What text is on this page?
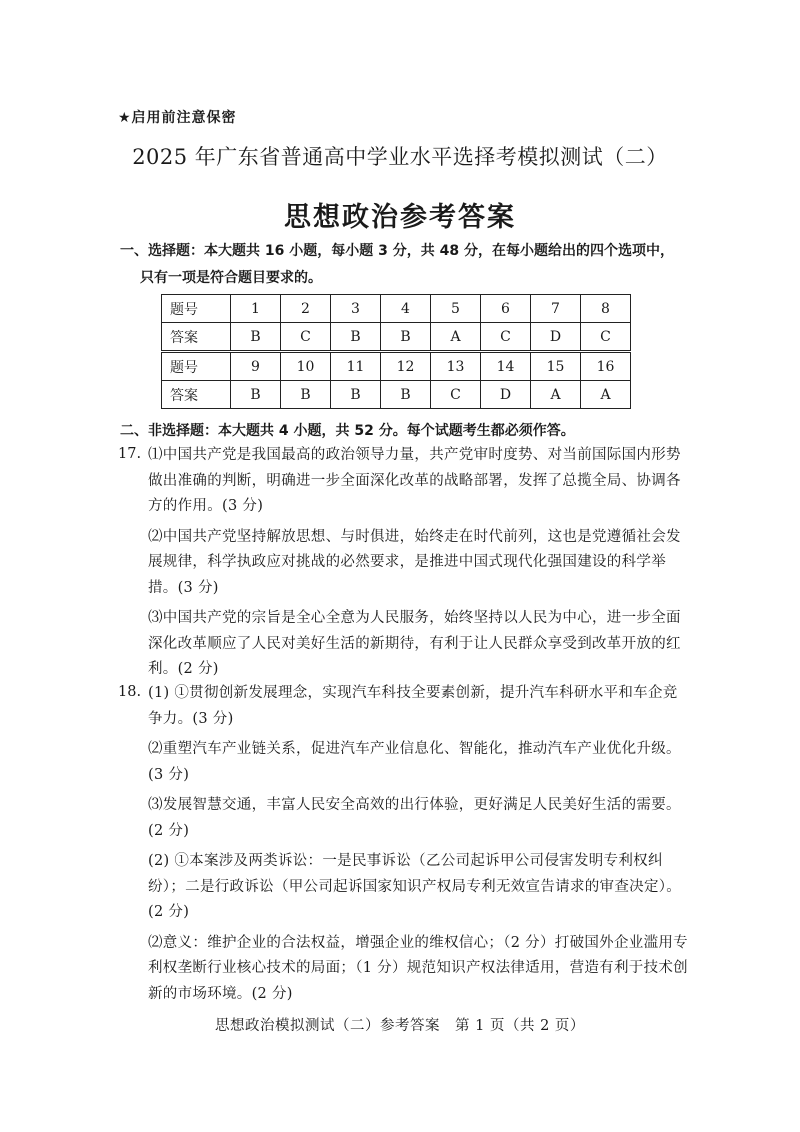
★启用前注意保密
2025 年广东省普通高中学业水平选择考模拟测试（二）
思想政治参考答案
一、选择题：本大题共 16 小题，每小题 3 分，共 48 分，在每小题给出的四个选项中，
只有一项是符合题目要求的。
题号	1	2	3	4	5	6	7	8
答案	B	C	B	B	A	C	D	C
题号	9	10	11	12	13	14	15	16
答案	B	B	B	B	C	D	A	A
二、非选择题：本大题共 4 小题，共 52 分。每个试题考生都必须作答。
17. ⑴中国共产党是我国最高的政治领导力量，共产党审时度势、对当前国际国内形势做出准确的判断，明确进一步全面深化改革的战略部署，发挥了总揽全局、协调各方的作用。(3 分)

⑵中国共产党坚持解放思想、与时俱进，始终走在时代前列，这也是党遵循社会发展规律，科学执政应对挑战的必然要求，是推进中国式现代化强国建设的科学举措。(3 分)

⑶中国共产党的宗旨是全心全意为人民服务，始终坚持以人民为中心，进一步全面深化改革顺应了人民对美好生活的新期待，有利于让人民群众享受到改革开放的红利。(2 分)

18. (1) ①贯彻创新发展理念，实现汽车科技全要素创新，提升汽车科研水平和车企竞争力。(3 分)

⑵重塑汽车产业链关系，促进汽车产业信息化、智能化，推动汽车产业优化升级。(3 分)

⑶发展智慧交通，丰富人民安全高效的出行体验，更好满足人民美好生活的需要。(2 分)

(2) ①本案涉及两类诉讼：一是民事诉讼（乙公司起诉甲公司侵害发明专利权纠纷）；二是行政诉讼（甲公司起诉国家知识产权局专利无效宣告请求的审查决定）。(2 分)

⑵意义：维护企业的合法权益，增强企业的维权信心；（2 分）打破国外企业滥用专利权垄断行业核心技术的局面；（1 分）规范知识产权法律适用，营造有利于技术创新的市场环境。(2 分)

思想政治模拟测试（二）参考答案　第 1 页（共 2 页）
